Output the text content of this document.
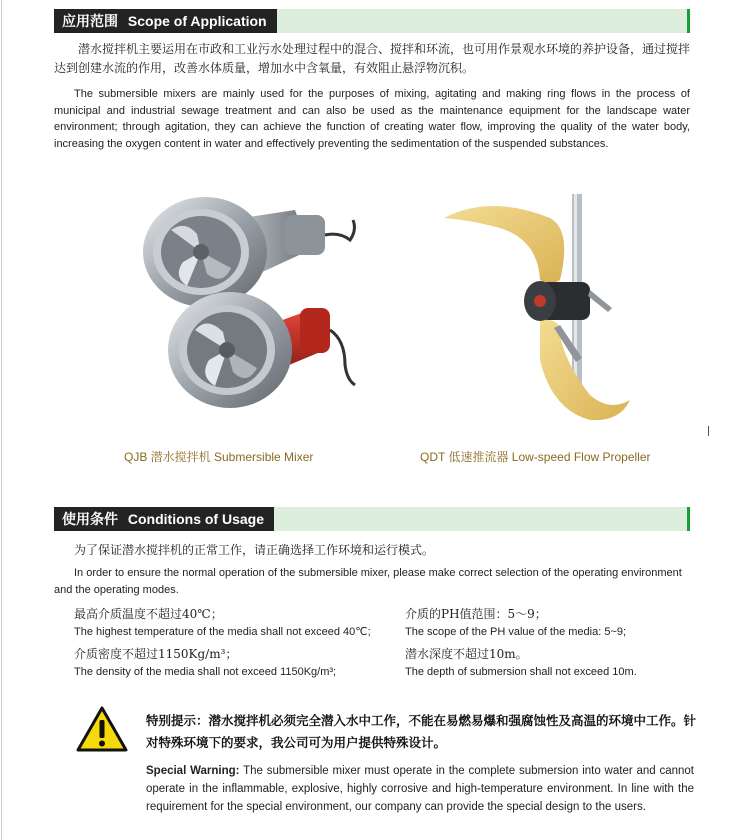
应用范围 Scope of Application
潜水搅拌机主要运用在市政和工业污水处理过程中的混合、搅拌和环流，也可用作景观水环境的养护设备，通过搅拌达到创建水流的作用，改善水体质量，增加水中含氧量，有效阻止悬浮物沉积。
The submersible mixers are mainly used for the purposes of mixing, agitating and making ring flows in the process of municipal and industrial sewage treatment and can also be used as the maintenance equipment for the landscape water environment; through agitation, they can achieve the function of creating water flow, improving the quality of the water body, increasing the oxygen content in water and effectively preventing the sedimentation of the suspended substances.
QJB 潜水搅拌机 Submersible Mixer	QDT 低速推流器 Low-speed Flow Propeller
使用条件 Conditions of Usage
为了保证潜水搅拌机的正常工作，请正确选择工作环境和运行模式。
In order to ensure the normal operation of the submersible mixer, please make correct selection of the operating environment and the operating modes.
最高介质温度不超过40℃；
The highest temperature of the media shall not exceed 40℃;
介质的PH值范围：5～9；
The scope of the PH value of the media: 5~9;
介质密度不超过1150Kg/m³；
The density of the media shall not exceed 1150Kg/m³;
潜水深度不超过10m。
The depth of submersion shall not exceed 10m.
特别提示：潜水搅拌机必须完全潜入水中工作，不能在易燃易爆和强腐蚀性及高温的环境中工作。针对特殊环境下的要求，我公司可为用户提供特殊设计。
Special Warning: The submersible mixer must operate in the complete submersion into water and cannot operate in the inflammable, explosive, highly corrosive and high-temperature environment. In line with the requirement for the special environment, our company can provide the special design to the users.
